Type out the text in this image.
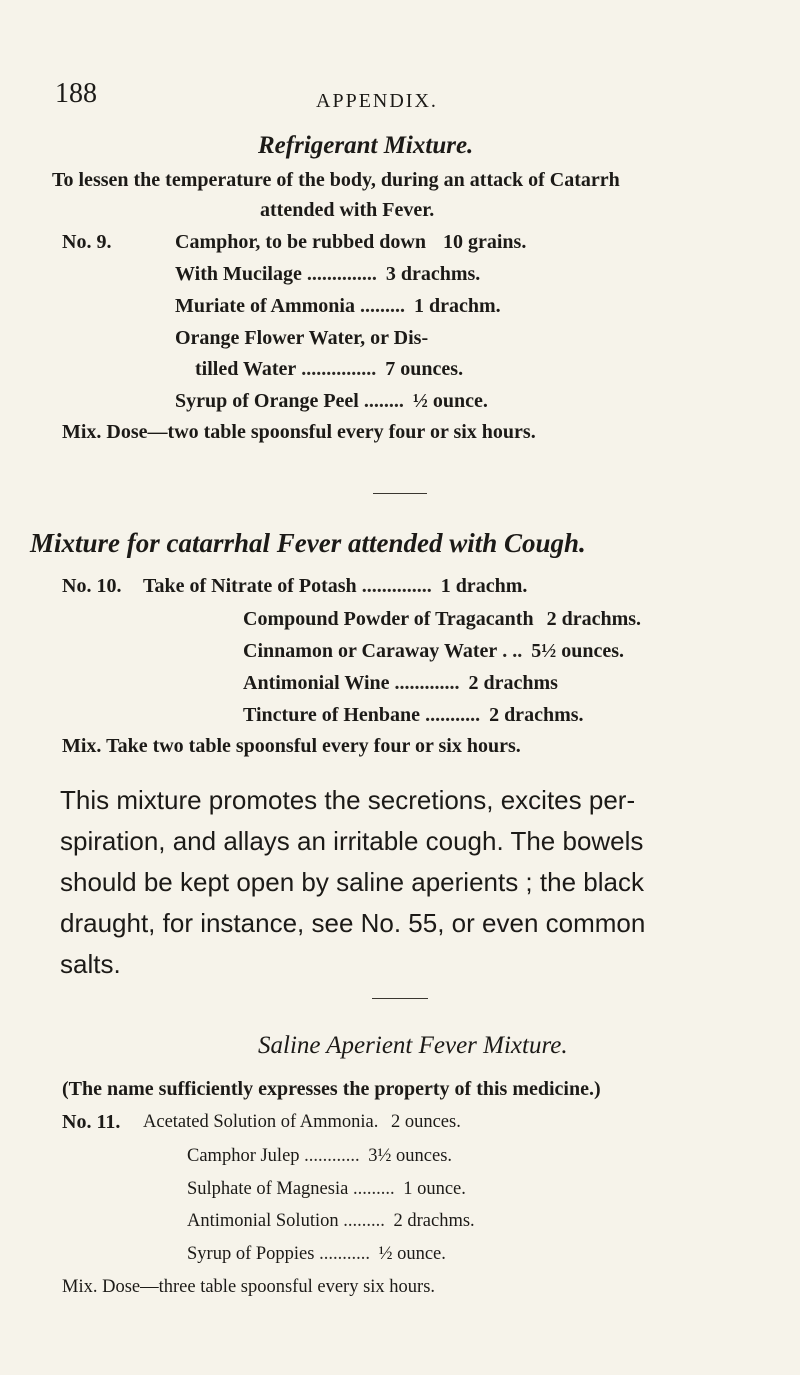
188	APPENDIX.
Refrigerant Mixture.
To lessen the temperature of the body, during an attack of Catarrh
attended with Fever.
No. 9.	Camphor, to be rubbed down 10 grains.
With Mucilage .............. 3 drachms.
Muriate of Ammonia ......... 1 drachm.
Orange Flower Water, or Dis-
tilled Water ............... 7 ounces.
Syrup of Orange Peel ........ ½ ounce.
Mix. Dose—two table spoonsful every four or six hours.
Mixture for catarrhal Fever attended with Cough.
No. 10. Take of Nitrate of Potash .............. 1 drachm.
Compound Powder of Tragacanth 2 drachms.
Cinnamon or Caraway Water . .. 5½ ounces.
Antimonial Wine ............. 2 drachms
Tincture of Henbane ........... 2 drachms.
Mix. Take two table spoonsful every four or six hours.
This mixture promotes the secretions, excites per-
spiration, and allays an irritable cough. The bowels
should be kept open by saline aperients ; the black
draught, for instance, see No. 55, or even common
salts.
Saline Aperient Fever Mixture.
(The name sufficiently expresses the property of this medicine.)
No. 11. Acetated Solution of Ammonia. 2 ounces.
Camphor Julep ............ 3½ ounces.
Sulphate of Magnesia ......... 1 ounce.
Antimonial Solution ......... 2 drachms.
Syrup of Poppies ........... ½ ounce.
Mix. Dose—three table spoonsful every six hours.
